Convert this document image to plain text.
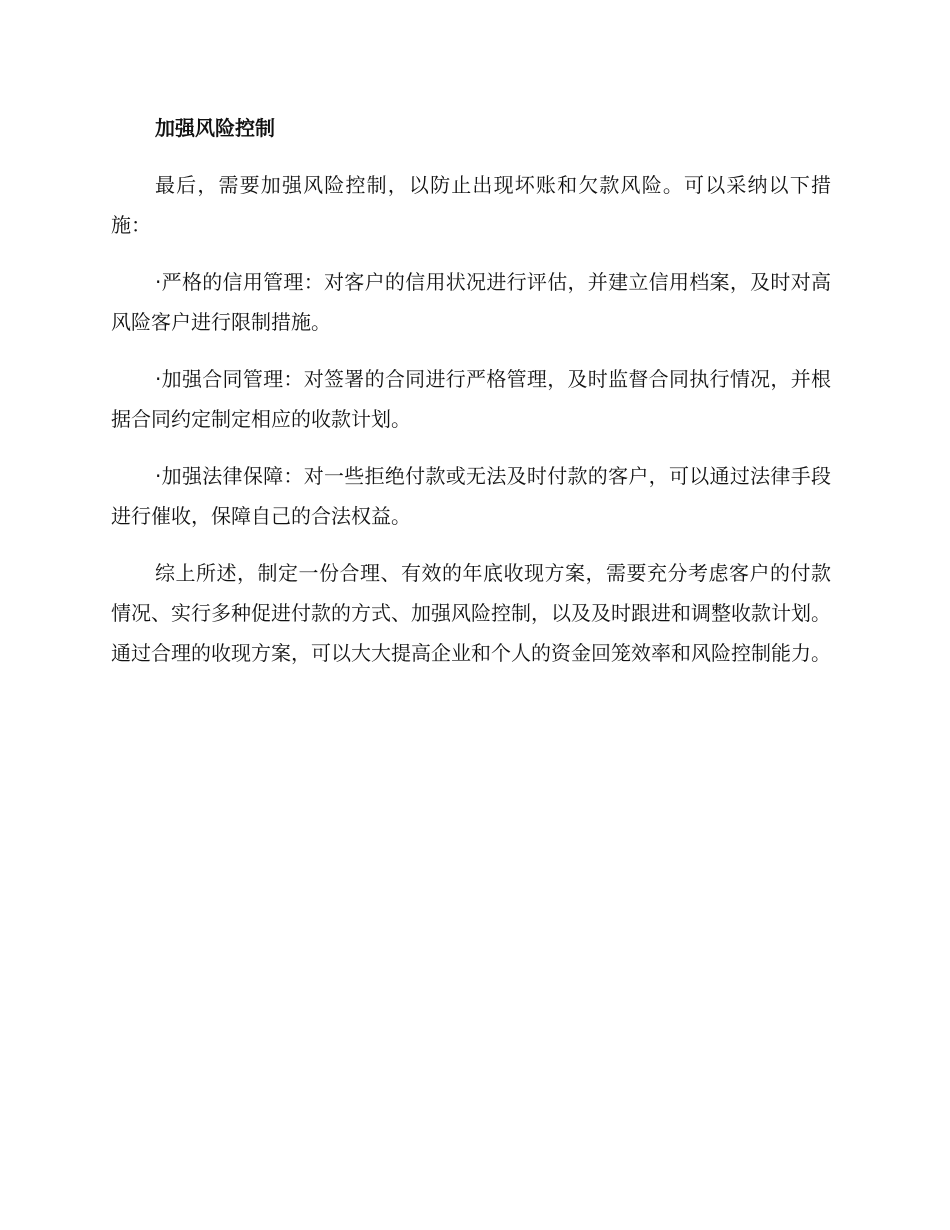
加强风险控制

最后，需要加强风险控制，以防止出现坏账和欠款风险。可以采纳以下措施：

·严格的信用管理：对客户的信用状况进行评估，并建立信用档案，及时对高风险客户进行限制措施。

·加强合同管理：对签署的合同进行严格管理，及时监督合同执行情况，并根据合同约定制定相应的收款计划。

·加强法律保障：对一些拒绝付款或无法及时付款的客户，可以通过法律手段进行催收，保障自己的合法权益。

综上所述，制定一份合理、有效的年底收现方案，需要充分考虑客户的付款情况、实行多种促进付款的方式、加强风险控制，以及及时跟进和调整收款计划。通过合理的收现方案，可以大大提高企业和个人的资金回笼效率和风险控制能力。
